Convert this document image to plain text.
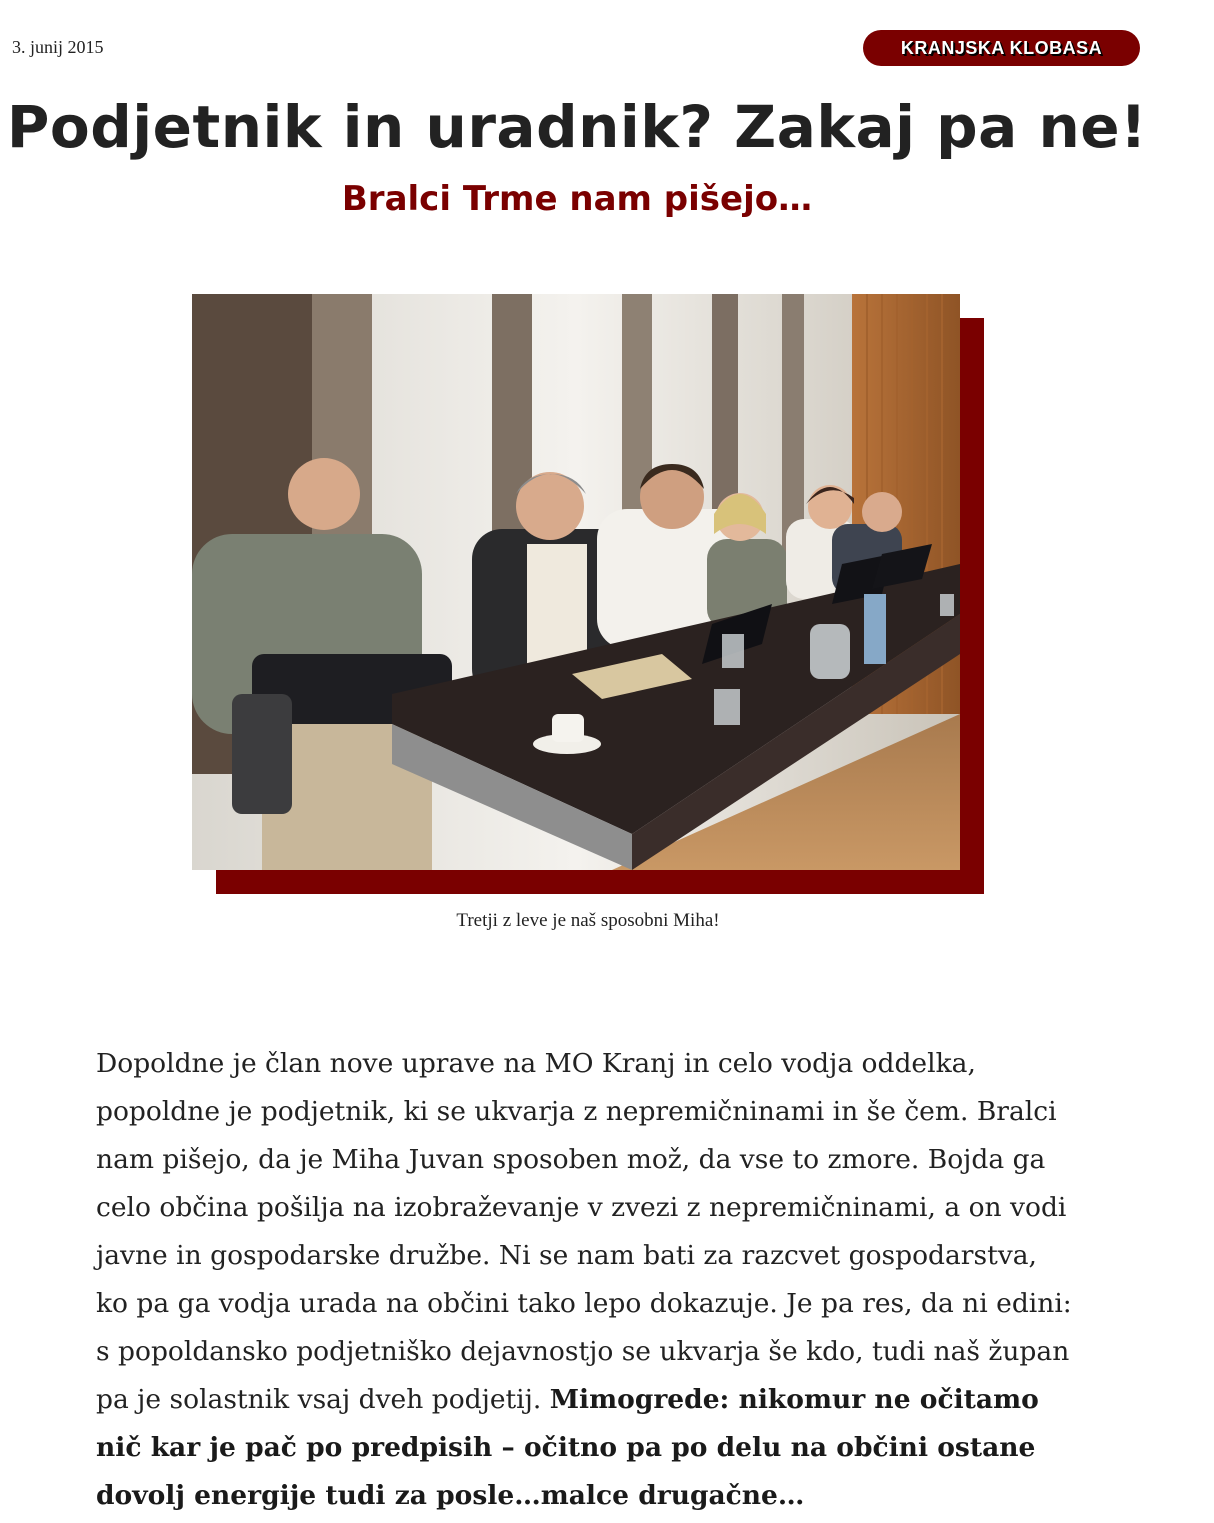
3. junij 2015	KRANJSKA KLOBASA
Podjetnik in uradnik? Zakaj pa ne!
Bralci Trme nam pišejo…
Tretji z leve je naš sposobni Miha!

Dopoldne je član nove uprave na MO Kranj in celo vodja oddelka, popoldne je podjetnik, ki se ukvarja z nepremičninami in še čem. Bralci nam pišejo, da je Miha Juvan sposoben mož, da vse to zmore. Bojda ga celo občina pošilja na izobraževanje v zvezi z nepremičninami, a on vodi javne in gospodarske družbe. Ni se nam bati za razcvet gospodarstva, ko pa ga vodja urada na občini tako lepo dokazuje. Je pa res, da ni edini: s popoldansko podjetniško dejavnostjo se ukvarja še kdo, tudi naš župan pa je solastnik vsaj dveh podjetij. Mimogrede: nikomur ne očitamo nič kar je pač po predpisih – očitno pa po delu na občini ostane dovolj energije tudi za posle…malce drugačne…
